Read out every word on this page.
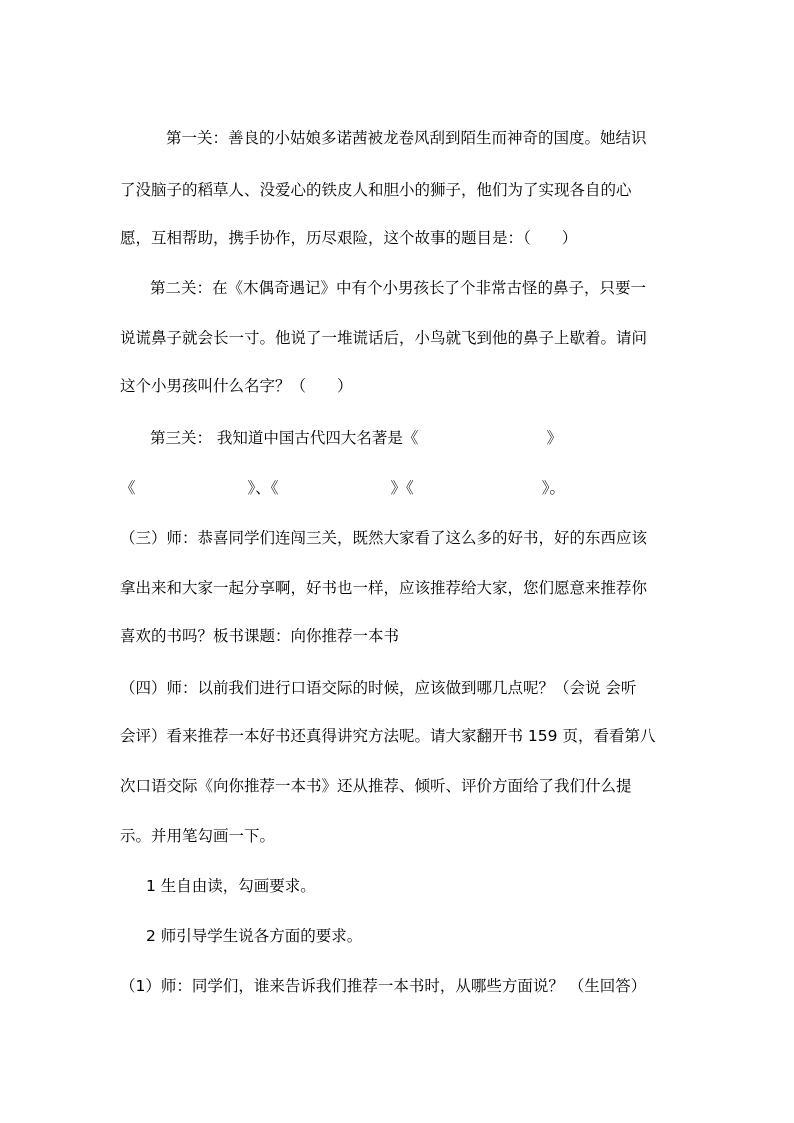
第一关：善良的小姑娘多诺茜被龙卷风刮到陌生而神奇的国度。她结识

了没脑子的稻草人、没爱心的铁皮人和胆小的狮子，他们为了实现各自的心

愿，互相帮助，携手协作，历尽艰险，这个故事的题目是：（　　）

第二关：在《木偶奇遇记》中有个小男孩长了个非常古怪的鼻子，只要一

说谎鼻子就会长一寸。他说了一堆谎话后，小鸟就飞到他的鼻子上歇着。请问

这个小男孩叫什么名字？（　　）

第三关： 我知道中国古代四大名著是《	》

《	》、《	》《	》。

（三）师：恭喜同学们连闯三关，既然大家看了这么多的好书，好的东西应该

拿出来和大家一起分享啊，好书也一样，应该推荐给大家，您们愿意来推荐你

喜欢的书吗？板书课题：向你推荐一本书

（四）师：以前我们进行口语交际的时候，应该做到哪几点呢？（会说 会听

会评）看来推荐一本好书还真得讲究方法呢。请大家翻开书 159 页，看看第八

次口语交际《向你推荐一本书》还从推荐、倾听、评价方面给了我们什么提

示。并用笔勾画一下。

1 生自由读，勾画要求。

2 师引导学生说各方面的要求。

（1）师：同学们，谁来告诉我们推荐一本书时，从哪些方面说？ （生回答）
